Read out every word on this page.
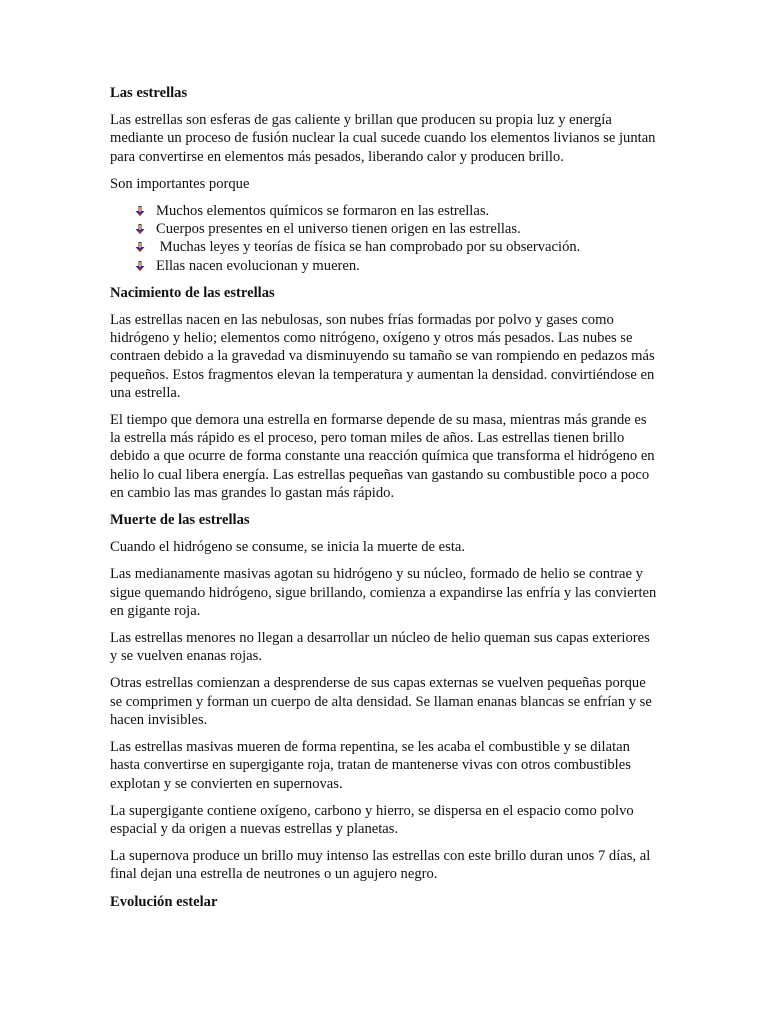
Las estrellas

Las estrellas son esferas de gas caliente y brillan que producen su propia luz y energía mediante un proceso de fusión nuclear la cual sucede cuando los elementos livianos se juntan para convertirse en elementos más pesados, liberando calor y producen brillo.

Son importantes porque

Muchos elementos químicos se formaron en las estrellas.
Cuerpos presentes en el universo tienen origen en las estrellas.
Muchas leyes y teorías de física se han comprobado por su observación.
Ellas nacen evolucionan y mueren.
Nacimiento de las estrellas

Las estrellas nacen en las nebulosas, son nubes frías formadas por polvo y gases como hidrógeno y helio; elementos como nitrógeno, oxígeno y otros más pesados. Las nubes se contraen debido a la gravedad va disminuyendo su tamaño se van rompiendo en pedazos más pequeños. Estos fragmentos elevan la temperatura y aumentan la densidad. convirtiéndose en una estrella.

El tiempo que demora una estrella en formarse depende de su masa, mientras más grande es la estrella más rápido es el proceso, pero toman miles de años. Las estrellas tienen brillo debido a que ocurre de forma constante una reacción química que transforma el hidrógeno en helio lo cual libera energía. Las estrellas pequeñas van gastando su combustible poco a poco en cambio las mas grandes lo gastan más rápido.

Muerte de las estrellas

Cuando el hidrógeno se consume, se inicia la muerte de esta.

Las medianamente masivas agotan su hidrógeno y su núcleo, formado de helio se contrae y sigue quemando hidrógeno, sigue brillando, comienza a expandirse las enfría y las convierten en gigante roja.

Las estrellas menores no llegan a desarrollar un núcleo de helio queman sus capas exteriores y se vuelven enanas rojas.

Otras estrellas comienzan a desprenderse de sus capas externas se vuelven pequeñas porque se comprimen y forman un cuerpo de alta densidad. Se llaman enanas blancas se enfrían y se hacen invisibles.

Las estrellas masivas mueren de forma repentina, se les acaba el combustible y se dilatan hasta convertirse en supergigante roja, tratan de mantenerse vivas con otros combustibles explotan y se convierten en supernovas.

La supergigante contiene oxígeno, carbono y hierro, se dispersa en el espacio como polvo espacial y da origen a nuevas estrellas y planetas.

La supernova produce un brillo muy intenso las estrellas con este brillo duran unos 7 días, al final dejan una estrella de neutrones o un agujero negro.

Evolución estelar
